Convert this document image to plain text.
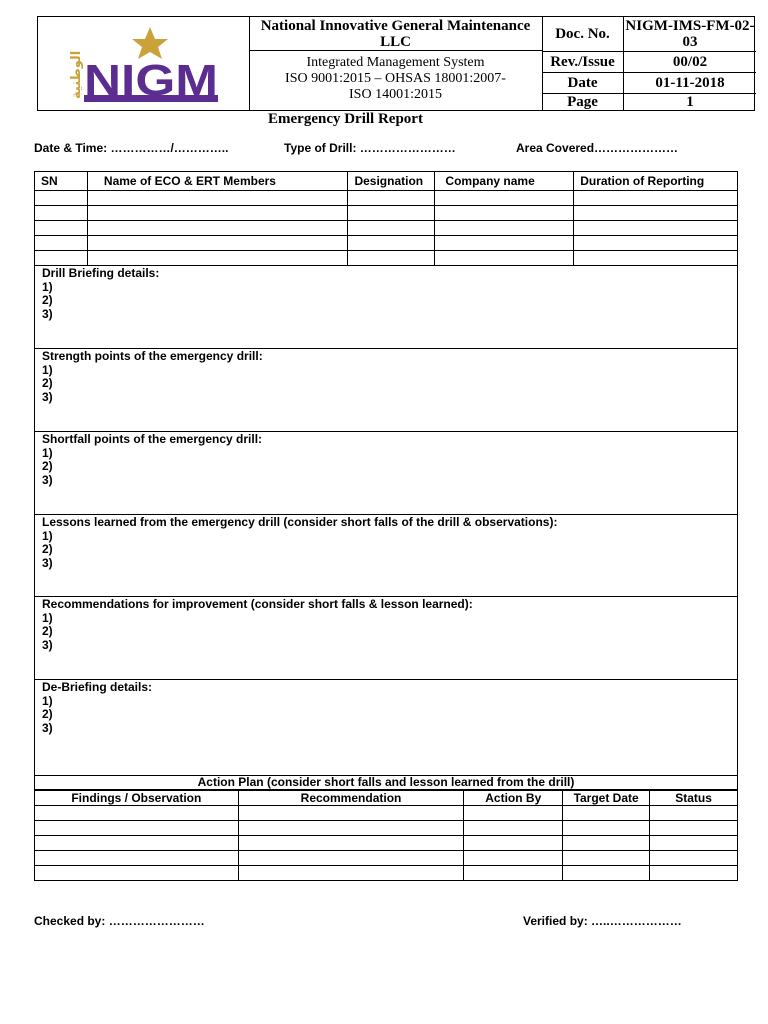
NIGM
الوطنية
National Innovative General Maintenance LLC
Integrated Management System
ISO 9001:2015 – OHSAS 18001:2007-
ISO 14001:2015
Doc. No.	NIGM-IMS-FM-02-03
Rev./Issue	00/02
Date	01-11-2018
Page	1
Emergency Drill Report
Date & Time: ……………/…………..	Type of Drill: ……………………	Area Covered…………………
SN	Name of ECO & ERT Members	Designation	Company name	Duration of Reporting

Drill Briefing details:
1)
2)
3)
Strength points of the emergency drill:
1)
2)
3)
Shortfall points of the emergency drill:
1)
2)
3)
Lessons learned from the emergency drill (consider short falls of the drill & observations):
1)
2)
3)
Recommendations for improvement (consider short falls & lesson learned):
1)
2)
3)
De-Briefing details:
1)
2)
3)
Action Plan (consider short falls and lesson learned from the drill)
Findings / Observation	Recommendation	Action By	Target Date	Status

Checked by: ……………………	Verified by: …..………………
